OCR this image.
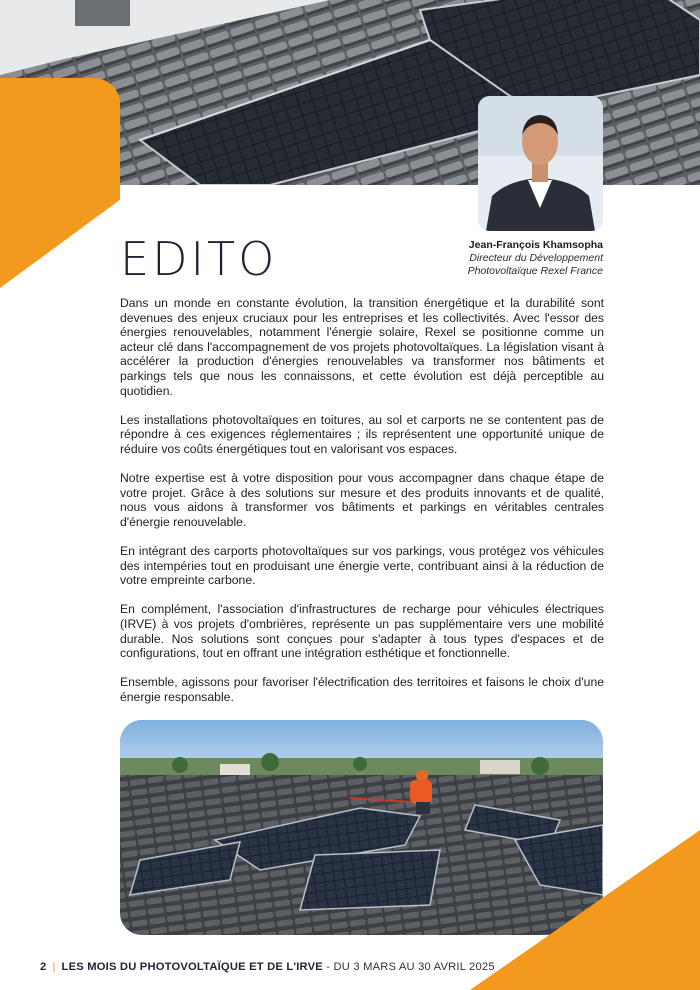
EDITO	Jean-François Khamsopha
Directeur du Développement
Photovoltaïque Rexel France

Dans un monde en constante évolution, la transition énergétique et la durabilité sont devenues des enjeux cruciaux pour les entreprises et les collectivités. Avec l'essor des énergies renouvelables, notamment l'énergie solaire, Rexel se positionne comme un acteur clé dans l'accompagnement de vos projets photovoltaïques. La législation visant à accélérer la production d'énergies renouvelables va transformer nos bâtiments et parkings tels que nous les connaissons, et cette évolution est déjà perceptible au quotidien.

Les installations photovoltaïques en toitures, au sol et carports ne se contentent pas de répondre à ces exigences réglementaires ; ils représentent une opportunité unique de réduire vos coûts énergétiques tout en valorisant vos espaces.

Notre expertise est à votre disposition pour vous accompagner dans chaque étape de votre projet. Grâce à des solutions sur mesure et des produits innovants et de qualité, nous vous aidons à transformer vos bâtiments et parkings en véritables centrales d'énergie renouvelable.

En intégrant des carports photovoltaïques sur vos parkings, vous protégez vos véhicules des intempéries tout en produisant une énergie verte, contribuant ainsi à la réduction de votre empreinte carbone.

En complément, l'association d'infrastructures de recharge pour véhicules électriques (IRVE) à vos projets d'ombrières, représente un pas supplémentaire vers une mobilité durable. Nos solutions sont conçues pour s'adapter à tous types d'espaces et de configurations, tout en offrant une intégration esthétique et fonctionnelle.

Ensemble, agissons pour favoriser l'électrification des territoires et faisons le choix d'une énergie responsable.

2 | LES MOIS DU PHOTOVOLTAÏQUE ET DE L'IRVE - DU 3 MARS AU 30 AVRIL 2025
